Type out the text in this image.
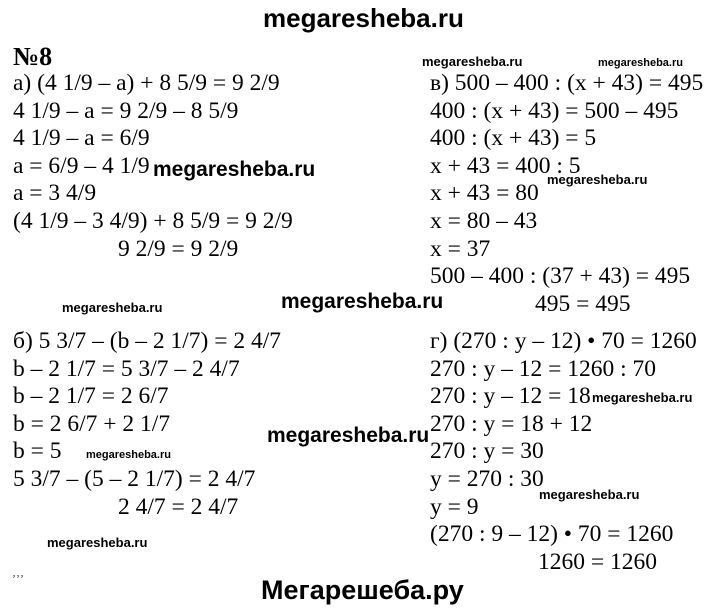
megaresheba.ru
№8
а) (4 1/9 – a) + 8 5/9 = 9 2/9
4 1/9 – a = 9 2/9 – 8 5/9
4 1/9 – a = 6/9
a = 6/9 – 4 1/9
a = 3 4/9
(4 1/9 – 3 4/9) + 8 5/9 = 9 2/9
9 2/9 = 9 2/9
в) 500 – 400 : (x + 43) = 495
400 : (x + 43) = 500 – 495
400 : (x + 43) = 5
x + 43 = 400 : 5
x + 43 = 80
x = 80 – 43
x = 37
500 – 400 : (37 + 43) = 495
495 = 495
б) 5 3/7 – (b – 2 1/7) = 2 4/7
b – 2 1/7 = 5 3/7 – 2 4/7
b – 2 1/7 = 2 6/7
b = 2 6/7 + 2 1/7
b = 5
5 3/7 – (5 – 2 1/7) = 2 4/7
2 4/7 = 2 4/7
г) (270 : y – 12) • 70 = 1260
270 : y – 12 = 1260 : 70
270 : y – 12 = 18
270 : y = 18 + 12
270 : y = 30
y = 270 : 30
y = 9
(270 : 9 – 12) • 70 = 1260
1260 = 1260
megaresheba.ru	megaresheba.ru
megaresheba.ru	megaresheba.ru
megaresheba.ru	megaresheba.ru
megaresheba.ru
megaresheba.ru
megaresheba.ru
megaresheba.ru
megaresheba.ru
ʼʼʼ	Мегарешеба.ру
